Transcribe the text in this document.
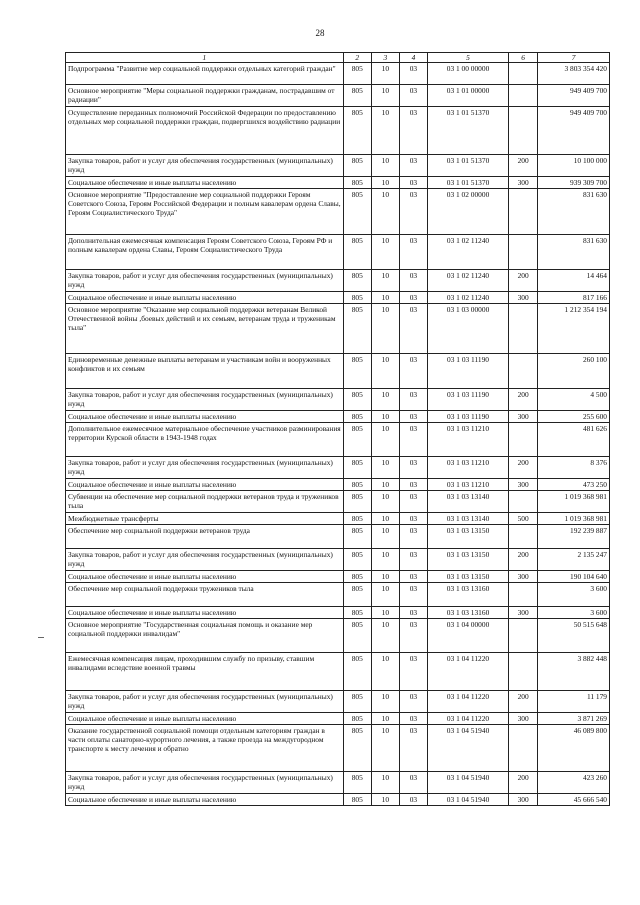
28
1	2	3	4	5	6	7
Подпрограмма "Развитие мер социальной поддержки отдельных категорий граждан"	805	10	03	03 1 00 00000		3 803 354 420
Основное мероприятие "Меры социальной поддержки гражданам, пострадавшим от радиации"	805	10	03	03 1 01 00000		949 409 700
Осуществление переданных полномочий Российской Федерации по предоставлению отдельных мер социальной поддержки граждан, подвергшихся воздействию радиации	805	10	03	03 1 01 51370		949 409 700
Закупка товаров, работ и услуг для обеспечения государственных (муниципальных) нужд	805	10	03	03 1 01 51370	200	10 100 000
Социальное обеспечение и иные выплаты населению	805	10	03	03 1 01 51370	300	939 309 700
Основное мероприятие "Предоставление мер социальной поддержки Героям Советского Союза, Героям Российской Федерации и полным кавалерам ордена Славы, Героям Социалистического Труда"	805	10	03	03 1 02 00000		831 630
Дополнительная ежемесячная компенсация Героям Советского Союза, Героям РФ и полным кавалерам ордена Славы, Героям Социалистического Труда	805	10	03	03 1 02 11240		831 630
Закупка товаров, работ и услуг для обеспечения государственных (муниципальных) нужд	805	10	03	03 1 02 11240	200	14 464
Социальное обеспечение и иные выплаты населению	805	10	03	03 1 02 11240	300	817 166
Основное мероприятие "Оказание мер социальной поддержки ветеранам Великой Отечественной войны ,боевых действий и их семьям, ветеранам труда и труженикам тыла"	805	10	03	03 1 03 00000		1 212 354 194
Единовременные денежные выплаты ветеранам и участникам войн и вооруженных конфликтов и их семьям	805	10	03	03 1 03 11190		260 100
Закупка товаров, работ и услуг для обеспечения государственных (муниципальных) нужд	805	10	03	03 1 03 11190	200	4 500
Социальное обеспечение и иные выплаты населению	805	10	03	03 1 03 11190	300	255 600
Дополнительное ежемесячное материальное обеспечение участников разминирования территории Курской области в 1943-1948 годах	805	10	03	03 1 03 11210		481 626
Закупка товаров, работ и услуг для обеспечения государственных (муниципальных) нужд	805	10	03	03 1 03 11210	200	8 376
Социальное обеспечение и иные выплаты населению	805	10	03	03 1 03 11210	300	473 250
Субвенции на обеспечение мер социальной поддержки ветеранов труда и тружеников тыла	805	10	03	03 1 03 13140		1 019 368 981
Межбюджетные трансферты	805	10	03	03 1 03 13140	500	1 019 368 981
Обеспечение мер социальной поддержки ветеранов труда	805	10	03	03 1 03 13150		192 239 887
Закупка товаров, работ и услуг для обеспечения государственных (муниципальных) нужд	805	10	03	03 1 03 13150	200	2 135 247
Социальное обеспечение и иные выплаты населению	805	10	03	03 1 03 13150	300	190 104 640
Обеспечение мер социальной поддержки тружеников тыла	805	10	03	03 1 03 13160		3 600
Социальное обеспечение и иные выплаты населению	805	10	03	03 1 03 13160	300	3 600
Основное мероприятие "Государственная социальная помощь и оказание мер социальной поддержки инвалидам"	805	10	03	03 1 04 00000		50 515 648
Ежемесячная компенсация лицам, проходившим службу по призыву, ставшим инвалидами вследствие военной травмы	805	10	03	03 1 04 11220		3 882 448
Закупка товаров, работ и услуг для обеспечения государственных (муниципальных) нужд	805	10	03	03 1 04 11220	200	11 179
Социальное обеспечение и иные выплаты населению	805	10	03	03 1 04 11220	300	3 871 269
Оказание государственной социальной помощи отдельным категориям граждан в части оплаты санаторно-курортного лечения, а также проезда на междугородном транспорте к месту лечения и обратно	805	10	03	03 1 04 51940		46 089 800
Закупка товаров, работ и услуг для обеспечения государственных (муниципальных) нужд	805	10	03	03 1 04 51940	200	423 260
Социальное обеспечение и иные выплаты населению	805	10	03	03 1 04 51940	300	45 666 540
